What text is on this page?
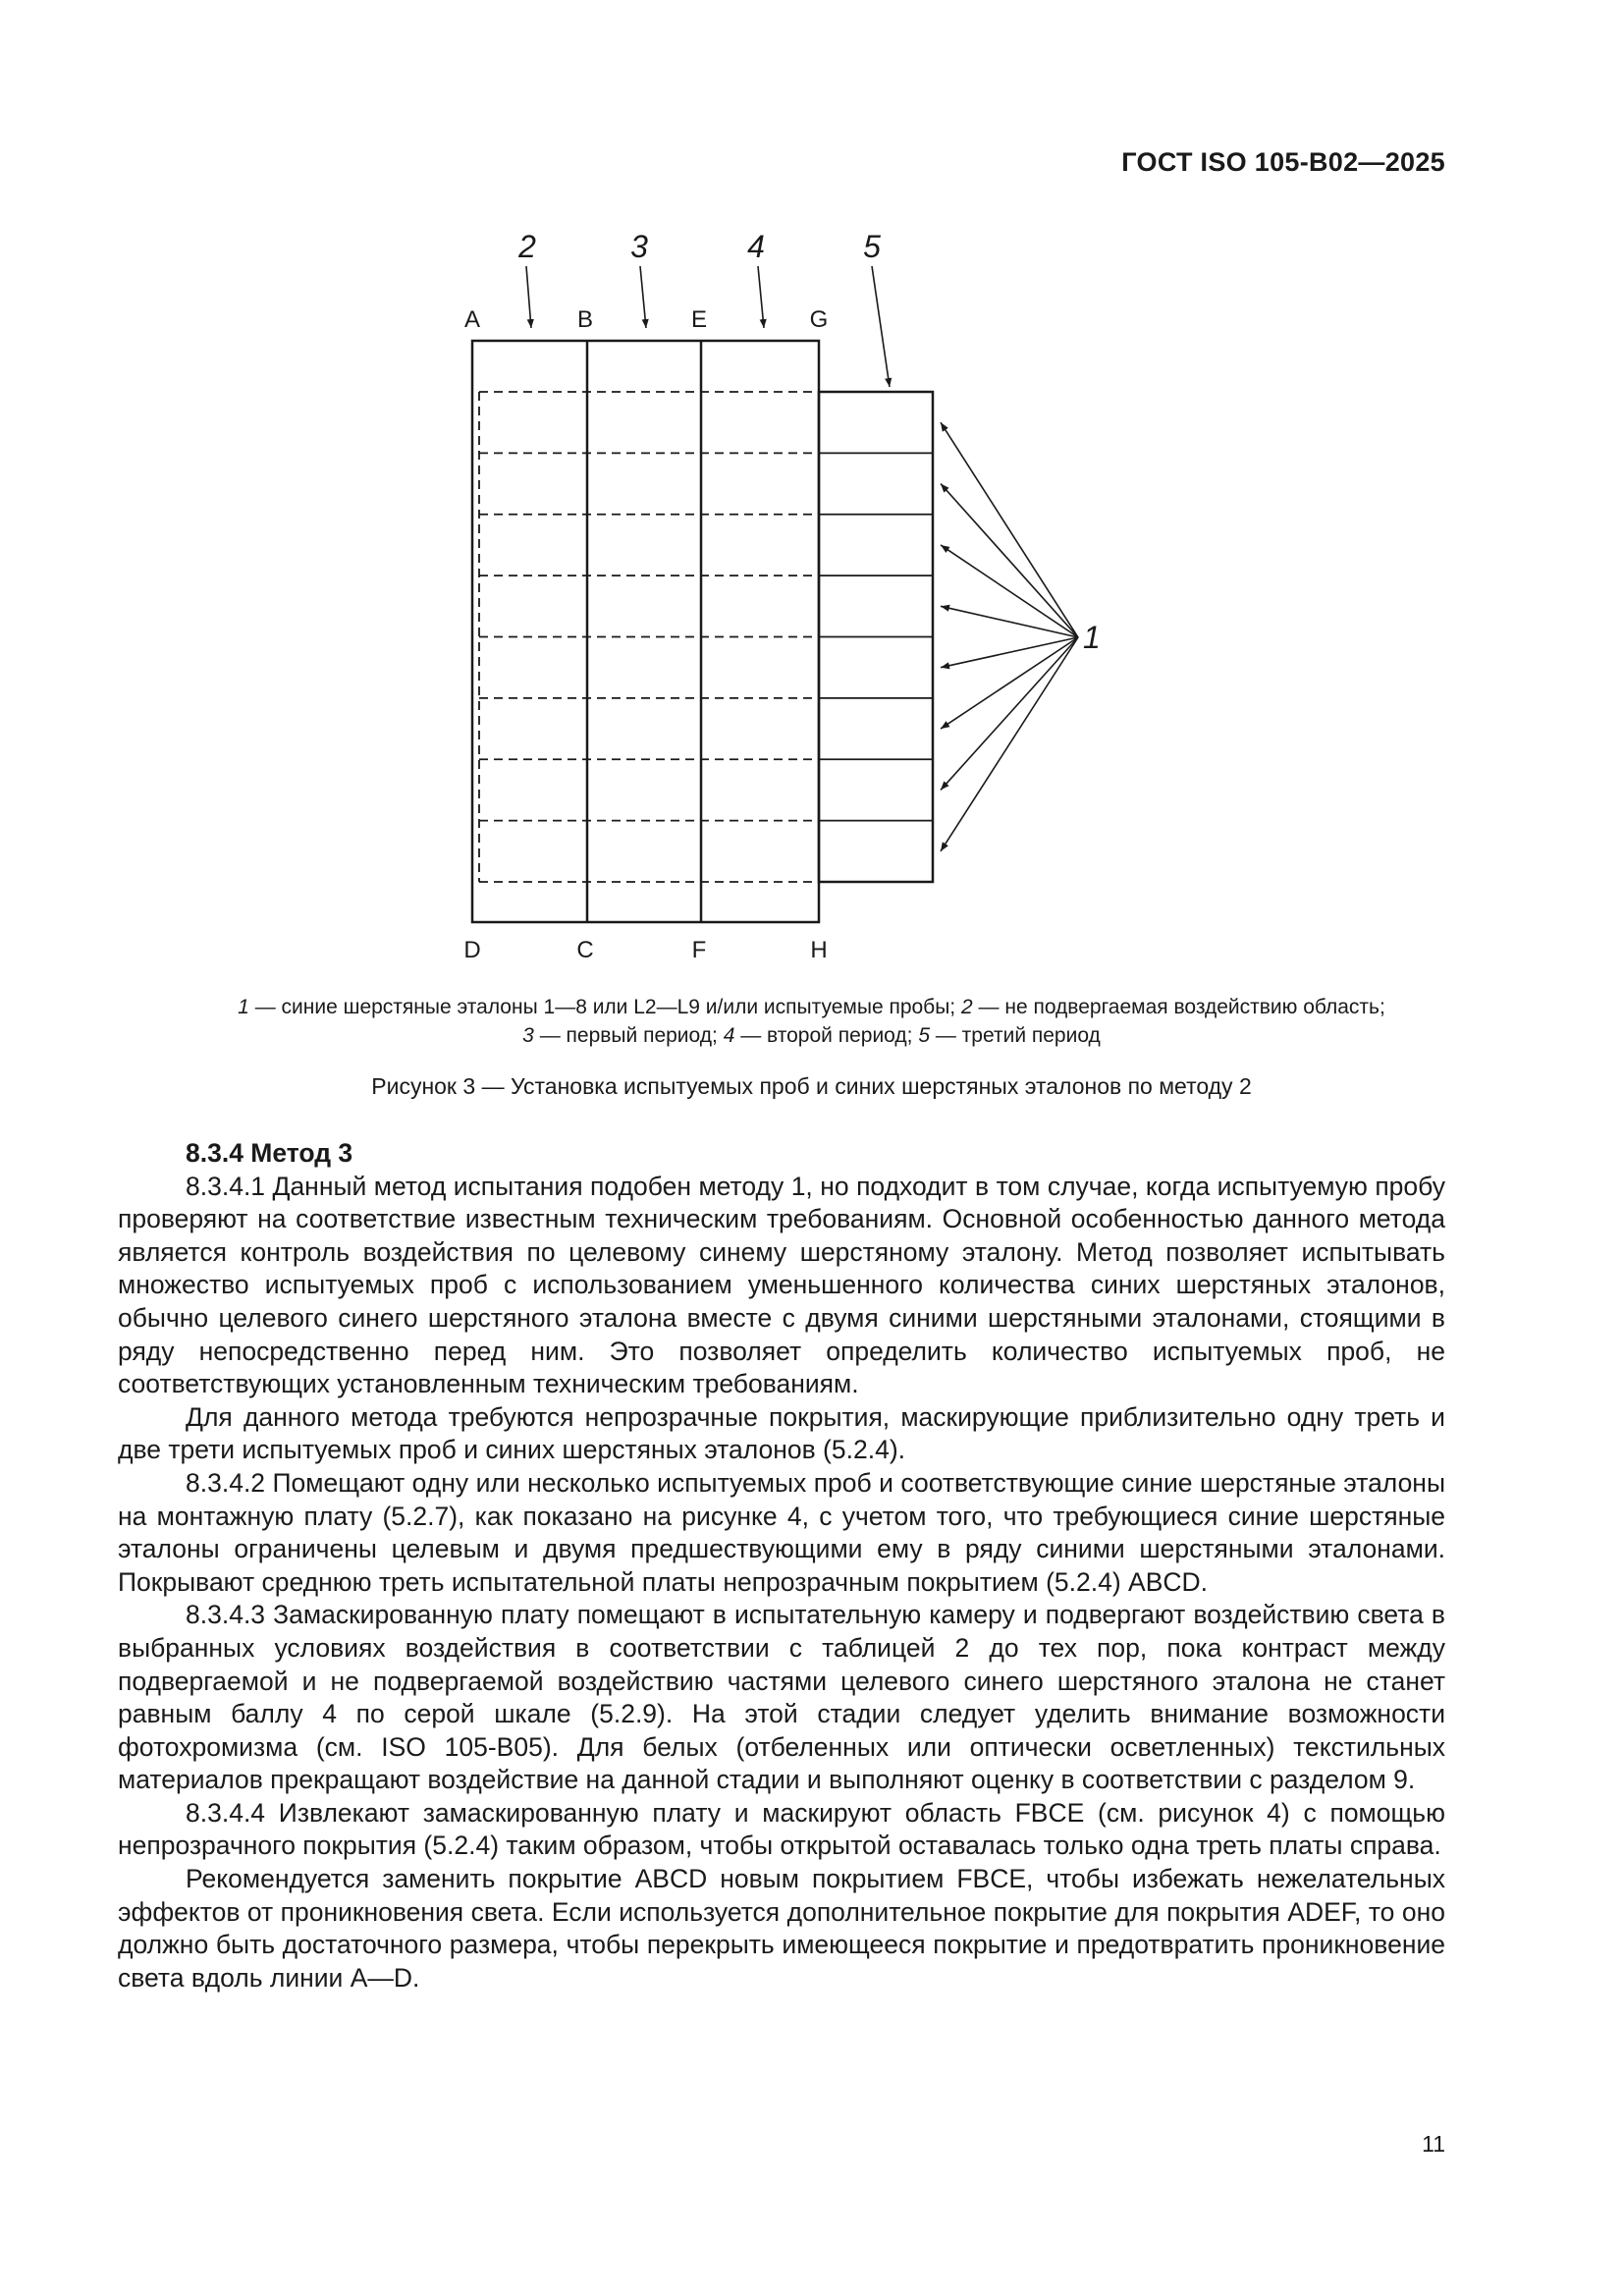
ГОСТ ISO 105-B02—2025
2	3	4	5
1
A	B	E	G
D	C	F	H
1 — синие шерстяные эталоны 1—8 или L2—L9 и/или испытуемые пробы; 2 — не подвергаемая воздействию область;
3 — первый период; 4 — второй период; 5 — третий период
Рисунок 3 — Установка испытуемых проб и синих шерстяных эталонов по методу 2

8.3.4 Метод 3

8.3.4.1 Данный метод испытания подобен методу 1, но подходит в том случае, когда испытуемую пробу проверяют на соответствие известным техническим требованиям. Основной особенностью данного метода является контроль воздействия по целевому синему шерстяному эталону. Метод позволяет испытывать множество испытуемых проб с использованием уменьшенного количества синих шерстяных эталонов, обычно целевого синего шерстяного эталона вместе с двумя синими шерстяными эталонами, стоящими в ряду непосредственно перед ним. Это позволяет определить количество испытуемых проб, не соответствующих установленным техническим требованиям.

Для данного метода требуются непрозрачные покрытия, маскирующие приблизительно одну треть и две трети испытуемых проб и синих шерстяных эталонов (5.2.4).

8.3.4.2 Помещают одну или несколько испытуемых проб и соответствующие синие шерстяные эталоны на монтажную плату (5.2.7), как показано на рисунке 4, с учетом того, что требующиеся синие шерстяные эталоны ограничены целевым и двумя предшествующими ему в ряду синими шерстяными эталонами. Покрывают среднюю треть испытательной платы непрозрачным покрытием (5.2.4) ABCD.

8.3.4.3 Замаскированную плату помещают в испытательную камеру и подвергают воздействию света в выбранных условиях воздействия в соответствии с таблицей 2 до тех пор, пока контраст между подвергаемой и не подвергаемой воздействию частями целевого синего шерстяного эталона не станет равным баллу 4 по серой шкале (5.2.9). На этой стадии следует уделить внимание возможности фотохромизма (см. ISO 105-B05). Для белых (отбеленных или оптически осветленных) текстильных материалов прекращают воздействие на данной стадии и выполняют оценку в соответствии с разделом 9.

8.3.4.4 Извлекают замаскированную плату и маскируют область FBCE (см. рисунок 4) с помощью непрозрачного покрытия (5.2.4) таким образом, чтобы открытой оставалась только одна треть платы справа.

Рекомендуется заменить покрытие ABCD новым покрытием FBCE, чтобы избежать нежелательных эффектов от проникновения света. Если используется дополнительное покрытие для покрытия ADEF, то оно должно быть достаточного размера, чтобы перекрыть имеющееся покрытие и предотвратить проникновение света вдоль линии A—D.

11
